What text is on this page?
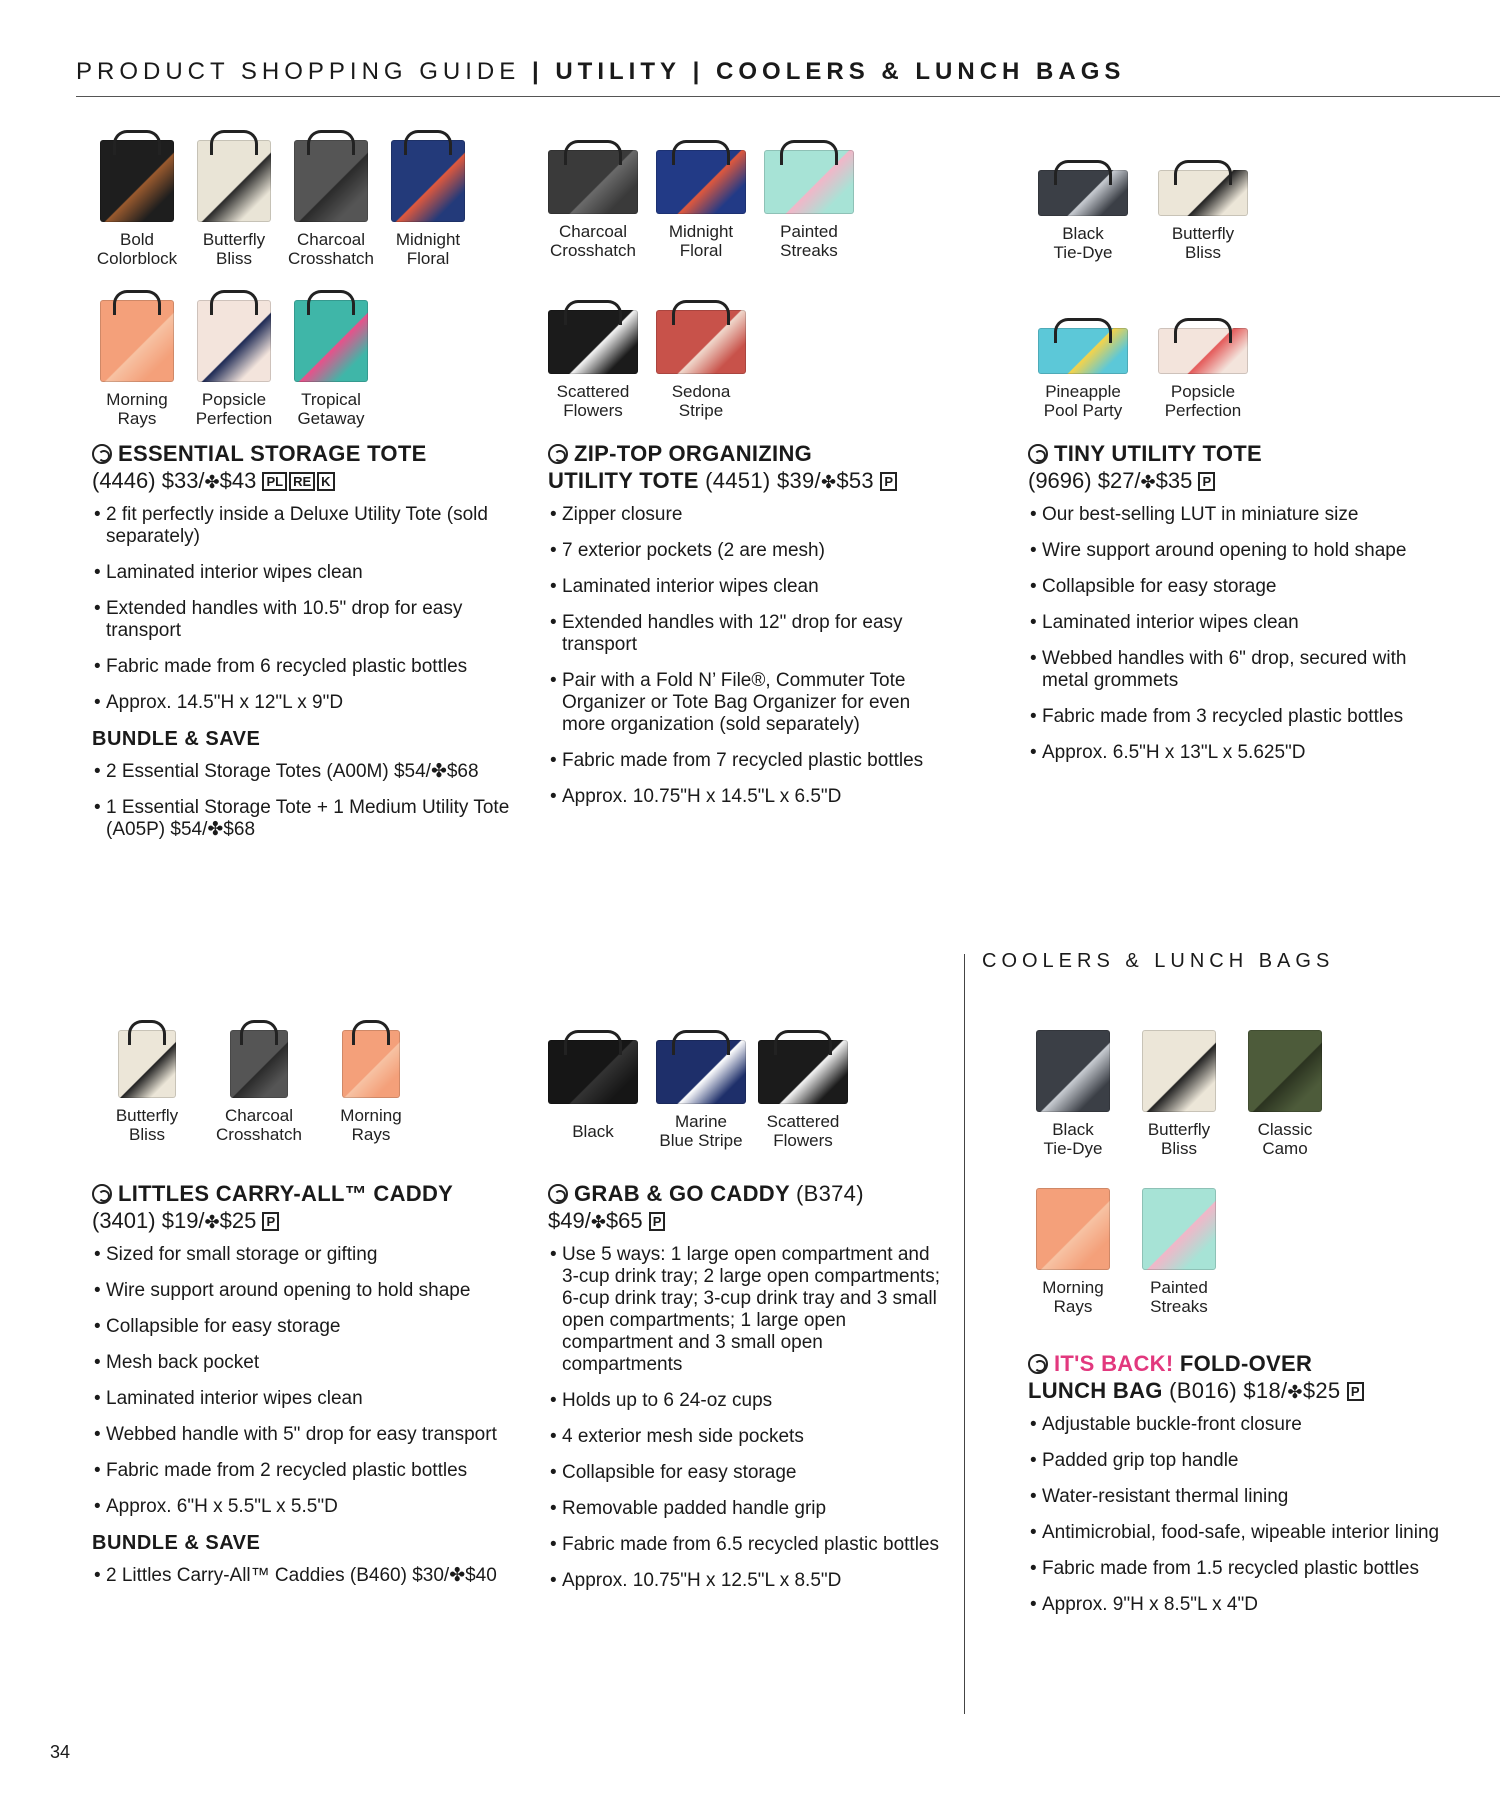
PRODUCT SHOPPING GUIDE | UTILITY | COOLERS & LUNCH BAGS
Bold
Colorblock
Butterfly
Bliss
Charcoal
Crosshatch
Midnight
Floral
Morning
Rays
Popsicle
Perfection
Tropical
Getaway
ESSENTIAL STORAGE TOTE
(4446) $33/✤$43 PL RE K
• 2 fit perfectly inside a Deluxe Utility Tote (sold separately)
• Laminated interior wipes clean
• Extended handles with 10.5" drop for easy transport
• Fabric made from 6 recycled plastic bottles
• Approx. 14.5"H x 12"L x 9"D
BUNDLE & SAVE
• 2 Essential Storage Totes (A00M) $54/✤$68
• 1 Essential Storage Tote + 1 Medium Utility Tote (A05P) $54/✤$68
Charcoal
Crosshatch
Midnight
Floral
Painted
Streaks
Scattered
Flowers
Sedona
Stripe
ZIP-TOP ORGANIZING
UTILITY TOTE (4451) $39/✤$53 P
• Zipper closure
• 7 exterior pockets (2 are mesh)
• Laminated interior wipes clean
• Extended handles with 12" drop for easy transport
• Pair with a Fold N’ File®, Commuter Tote Organizer or Tote Bag Organizer for even more organization (sold separately)
• Fabric made from 7 recycled plastic bottles
• Approx. 10.75"H x 14.5"L x 6.5"D
Black
Tie-Dye
Butterfly
Bliss
Pineapple
Pool Party
Popsicle
Perfection
TINY UTILITY TOTE
(9696) $27/✤$35 P
• Our best-selling LUT in miniature size
• Wire support around opening to hold shape
• Collapsible for easy storage
• Laminated interior wipes clean
• Webbed handles with 6" drop, secured with metal grommets
• Fabric made from 3 recycled plastic bottles
• Approx. 6.5"H x 13"L x 5.625"D
COOLERS & LUNCH BAGS
Butterfly
Bliss
Charcoal
Crosshatch
Morning
Rays
LITTLES CARRY-ALL™ CADDY
(3401) $19/✤$25 P
• Sized for small storage or gifting
• Wire support around opening to hold shape
• Collapsible for easy storage
• Mesh back pocket
• Laminated interior wipes clean
• Webbed handle with 5" drop for easy transport
• Fabric made from 2 recycled plastic bottles
• Approx. 6"H x 5.5"L x 5.5"D
BUNDLE & SAVE
• 2 Littles Carry-All™ Caddies (B460) $30/✤$40
Black
Marine
Blue Stripe
Scattered
Flowers
GRAB & GO CADDY (B374)
$49/✤$65 P
• Use 5 ways: 1 large open compartment and 3-cup drink tray; 2 large open compartments; 6-cup drink tray; 3-cup drink tray and 3 small open compartments; 1 large open compartment and 3 small open compartments
• Holds up to 6 24-oz cups
• 4 exterior mesh side pockets
• Collapsible for easy storage
• Removable padded handle grip
• Fabric made from 6.5 recycled plastic bottles
• Approx. 10.75"H x 12.5"L x 8.5"D
Black
Tie-Dye
Butterfly
Bliss
Classic
Camo
Morning
Rays
Painted
Streaks
IT'S BACK! FOLD-OVER
LUNCH BAG (B016) $18/✤$25 P
• Adjustable buckle-front closure
• Padded grip top handle
• Water-resistant thermal lining
• Antimicrobial, food-safe, wipeable interior lining
• Fabric made from 1.5 recycled plastic bottles
• Approx. 9"H x 8.5"L x 4"D
34
